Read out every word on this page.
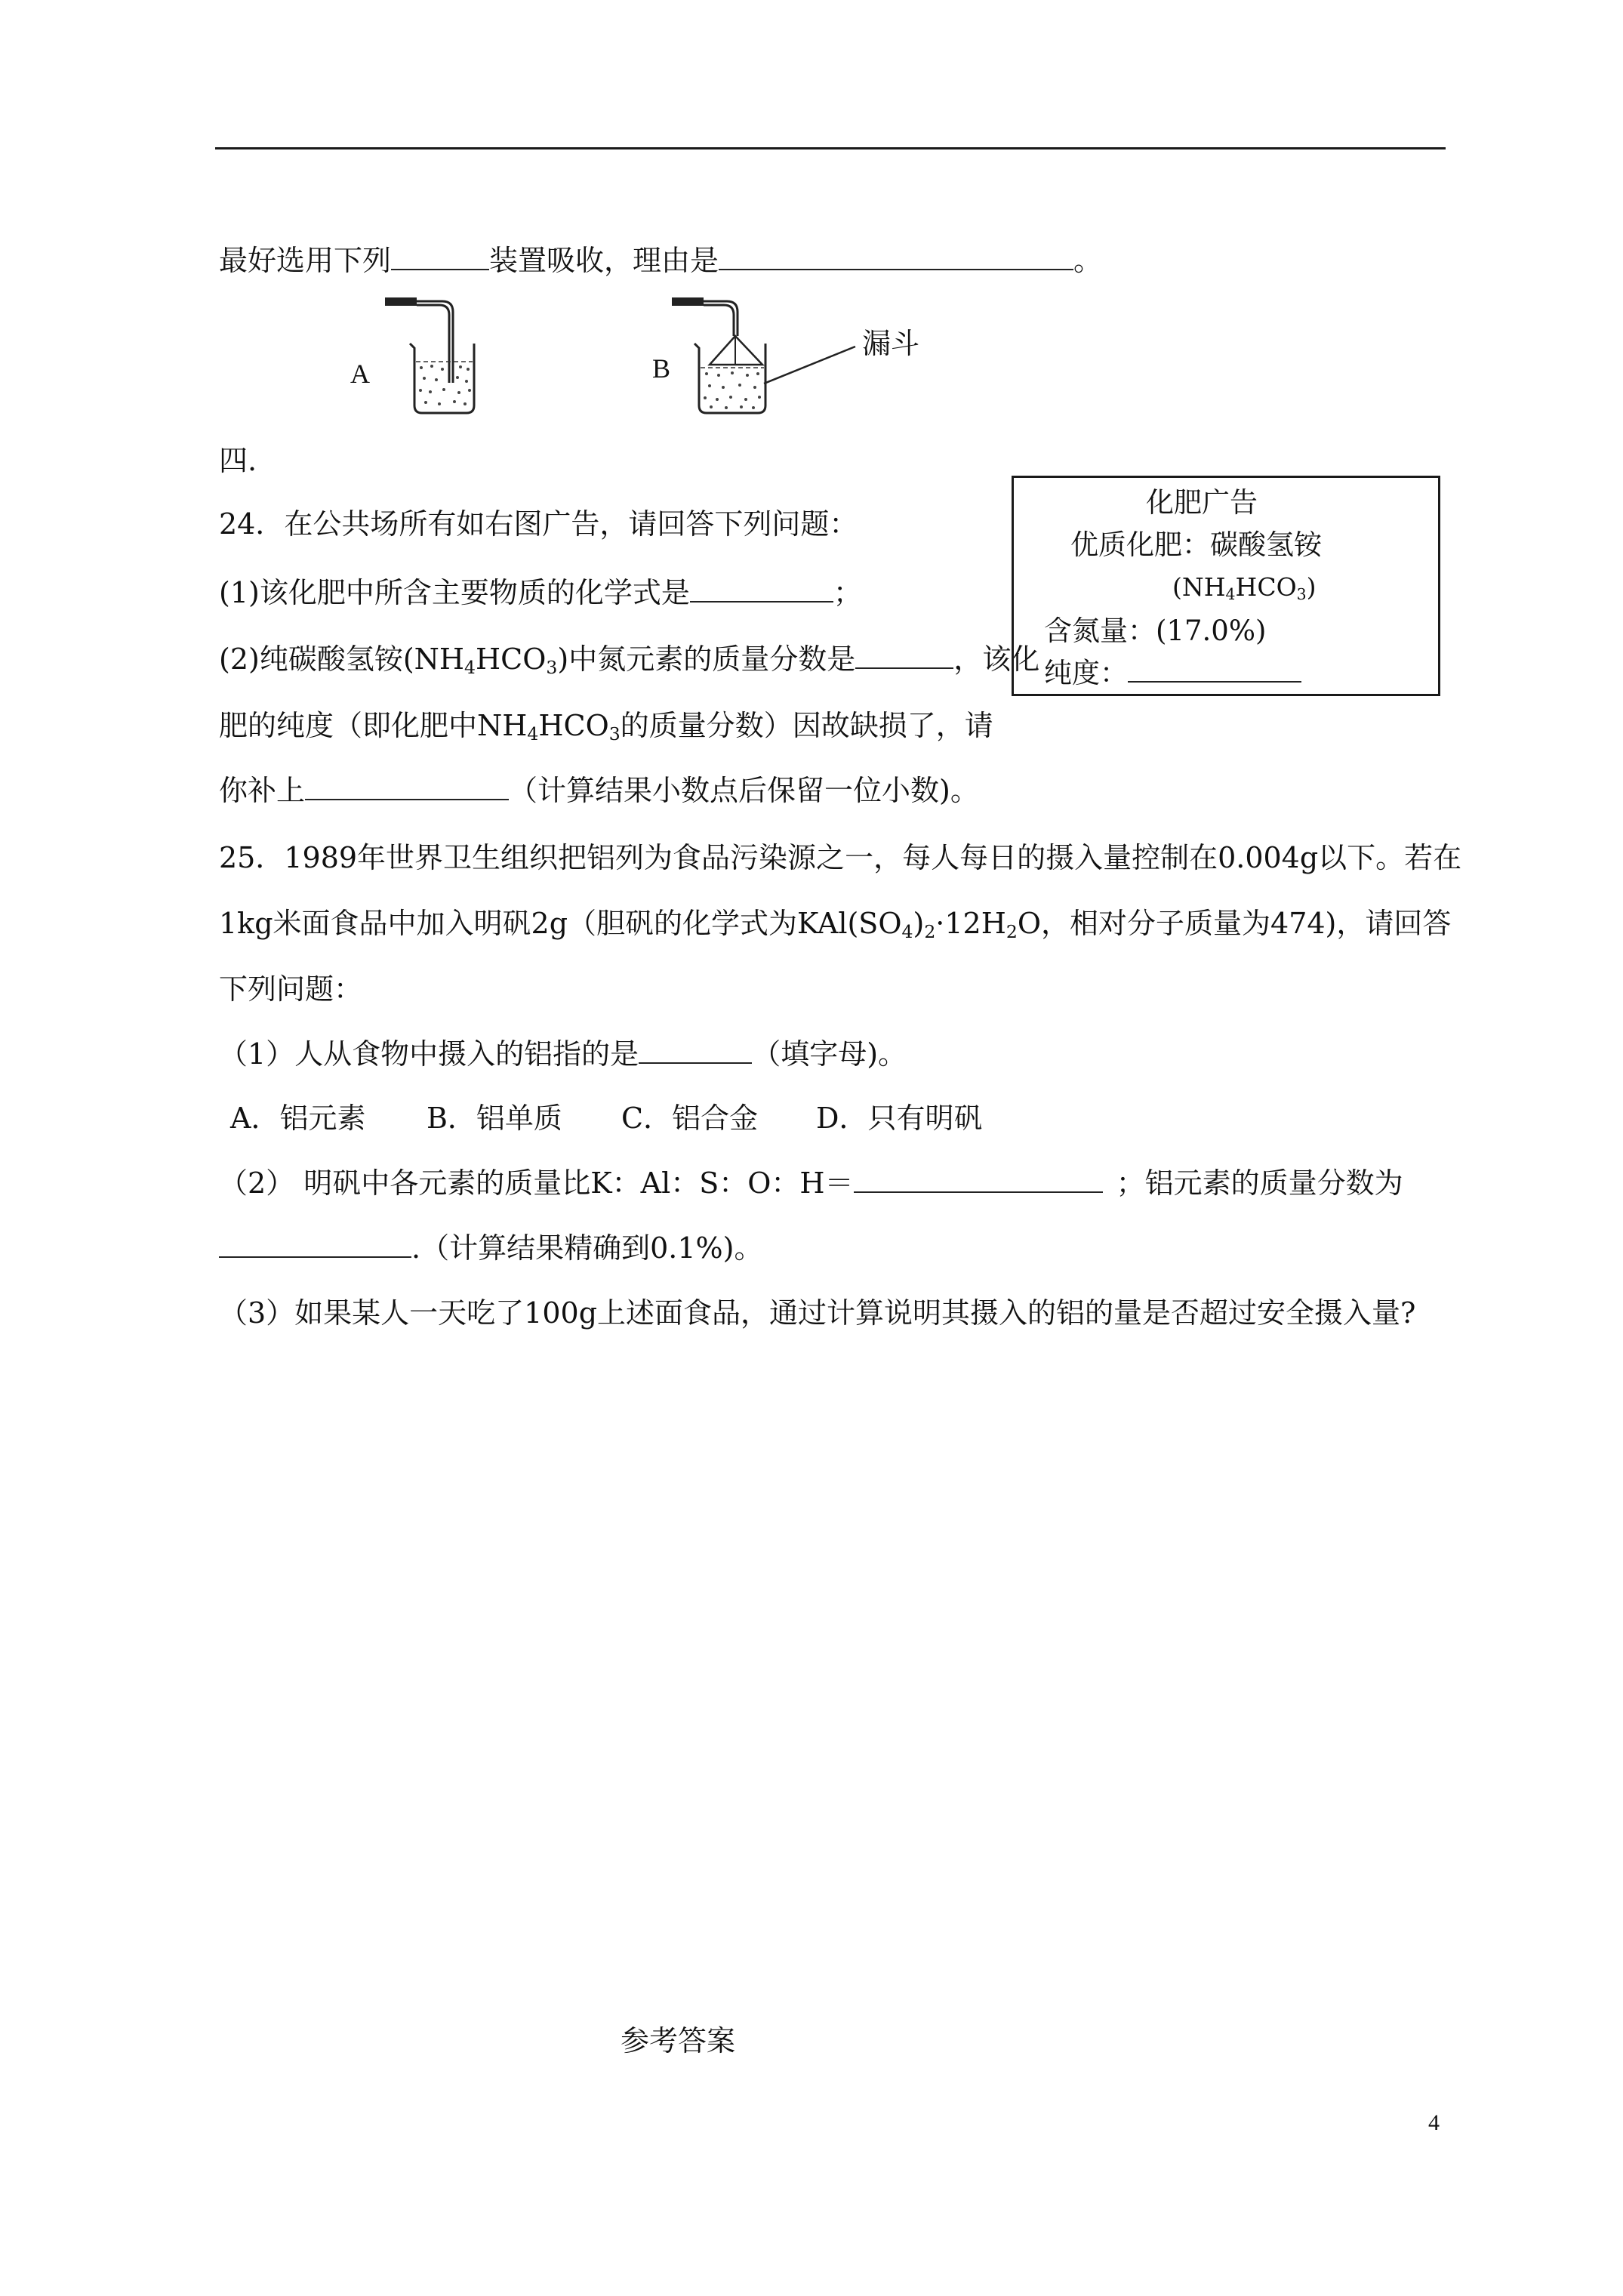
最好选用下列	装置吸收，理由是	。
A	B
漏斗
四.
24．在公共场所有如右图广告，请回答下列问题：
(1)该化肥中所含主要物质的化学式是	；
(2)纯碳酸氢铵$(NH_4HCO_3)$中氮元素的质量分数是	，该化
肥的纯度（即化肥中$NH_4HCO_3$的质量分数）因故缺损了，请
你补上	（计算结果小数点后保留一位小数)。
化肥广告
优质化肥：碳酸氢铵
$(NH_4HCO_3)$
含氮量：(17.0%)
纯度：
25．1989年世界卫生组织把铝列为食品污染源之一，每人每日的摄入量控制在0.004g以下。若在
1kg米面食品中加入明矾2g（胆矾的化学式为$KAl(SO_4)_2\cdot 12H_2O$，相对分子质量为474)，请回答
下列问题：
（1）人从食物中摄入的铝指的是	（填字母)。
A．铝元素 B．铝单质 C．铝合金 D．只有明矾
（2） 明矾中各元素的质量比K：Al：S：O：H＝	；铝元素的质量分数为
.（计算结果精确到0.1%)。
（3）如果某人一天吃了100g上述面食品，通过计算说明其摄入的铝的量是否超过安全摄入量?
参考答案
4
